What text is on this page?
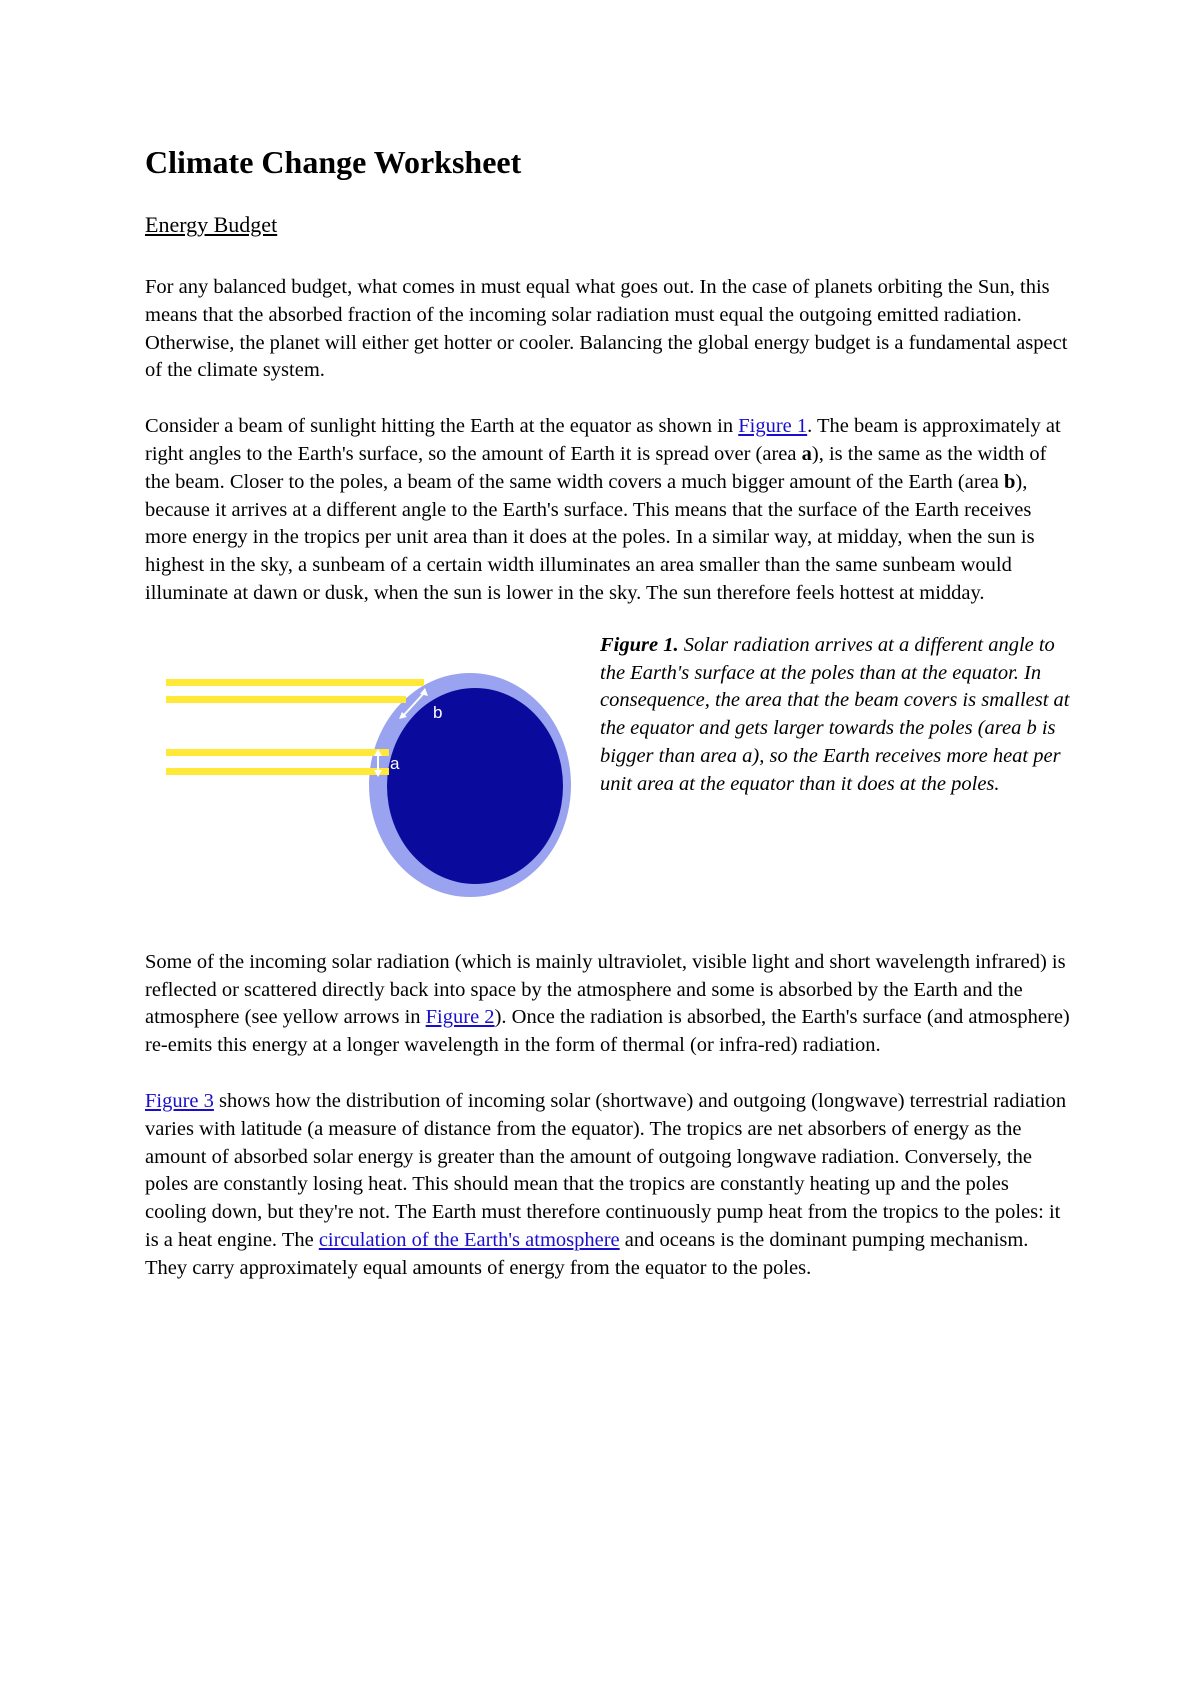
Climate Change Worksheet
Energy Budget

For any balanced budget, what comes in must equal what goes out. In the case of planets orbiting the Sun, this means that the absorbed fraction of the incoming solar radiation must equal the outgoing emitted radiation. Otherwise, the planet will either get hotter or cooler. Balancing the global energy budget is a fundamental aspect of the climate system.

Consider a beam of sunlight hitting the Earth at the equator as shown in Figure 1. The beam is approximately at right angles to the Earth's surface, so the amount of Earth it is spread over (area a), is the same as the width of the beam. Closer to the poles, a beam of the same width covers a much bigger amount of the Earth (area b), because it arrives at a different angle to the Earth's surface. This means that the surface of the Earth receives more energy in the tropics per unit area than it does at the poles. In a similar way, at midday, when the sun is highest in the sky, a sunbeam of a certain width illuminates an area smaller than the same sunbeam would illuminate at dawn or dusk, when the sun is lower in the sky. The sun therefore feels hottest at midday.

b
a
Figure 1. Solar radiation arrives at a different angle to the Earth's surface at the poles than at the equator. In consequence, the area that the beam covers is smallest at the equator and gets larger towards the poles (area b is bigger than area a), so the Earth receives more heat per unit area at the equator than it does at the poles.

Some of the incoming solar radiation (which is mainly ultraviolet, visible light and short wavelength infrared) is reflected or scattered directly back into space by the atmosphere and some is absorbed by the Earth and the atmosphere (see yellow arrows in Figure 2). Once the radiation is absorbed, the Earth's surface (and atmosphere) re-emits this energy at a longer wavelength in the form of thermal (or infra-red) radiation.

Figure 3 shows how the distribution of incoming solar (shortwave) and outgoing (longwave) terrestrial radiation varies with latitude (a measure of distance from the equator). The tropics are net absorbers of energy as the amount of absorbed solar energy is greater than the amount of outgoing longwave radiation. Conversely, the poles are constantly losing heat. This should mean that the tropics are constantly heating up and the poles cooling down, but they're not. The Earth must therefore continuously pump heat from the tropics to the poles: it is a heat engine. The circulation of the Earth's atmosphere and oceans is the dominant pumping mechanism. They carry approximately equal amounts of energy from the equator to the poles.
